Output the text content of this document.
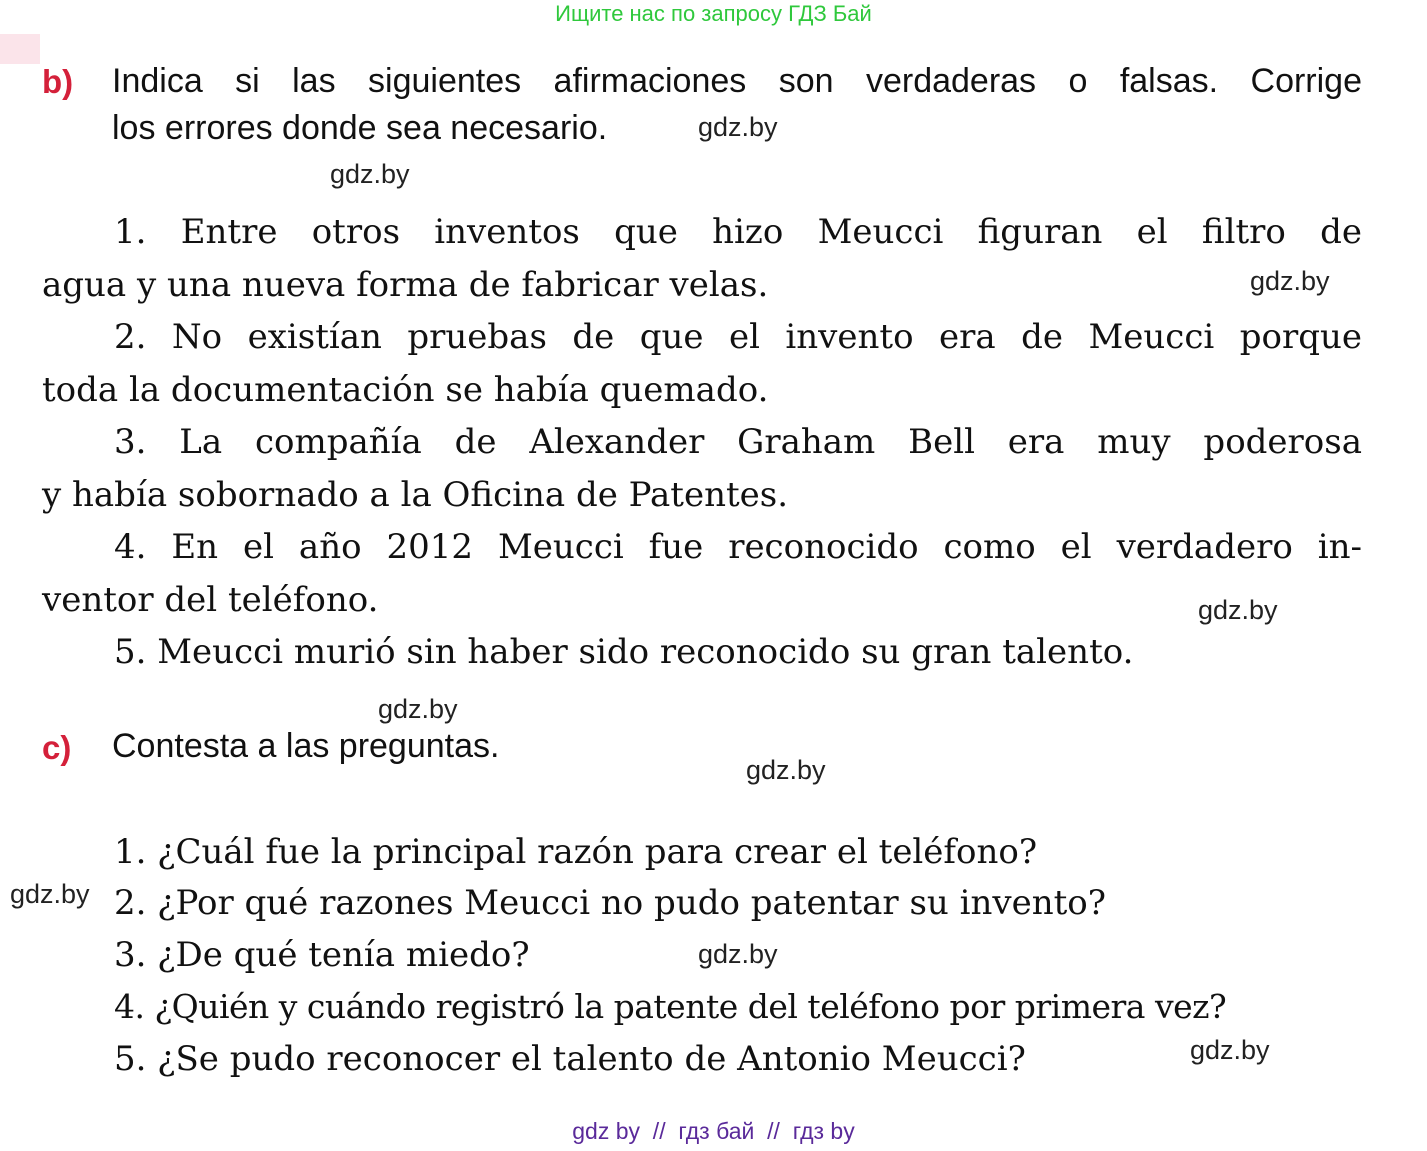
Ищите нас по запросу ГДЗ Бай
b) Indica si las siguientes afirmaciones son verdaderas o falsas. Corrige
los errores donde sea necesario.
1. Entre otros inventos que hizo Meucci figuran el filtro de
agua y una nueva forma de fabricar velas.
2. No existían pruebas de que el invento era de Meucci porque
toda la documentación se había quemado.
3. La compañía de Alexander Graham Bell era muy poderosa
y había sobornado a la Oficina de Patentes.
4. En el año 2012 Meucci fue reconocido como el verdadero in-
ventor del teléfono.
5. Meucci murió sin haber sido reconocido su gran talento.
c) Contesta a las preguntas.
1. ¿Cuál fue la principal razón para crear el teléfono?
2. ¿Por qué razones Meucci no pudo patentar su invento?
3. ¿De qué tenía miedo?
4. ¿Quién y cuándo registró la patente del teléfono por primera vez?
5. ¿Se pudo reconocer el talento de Antonio Meucci?
gdz.by
gdz.by
gdz.by
gdz.by
gdz.by
gdz.by
gdz.by
gdz.by
gdz.by
gdz by  //  гдз бай  //  гдз by
